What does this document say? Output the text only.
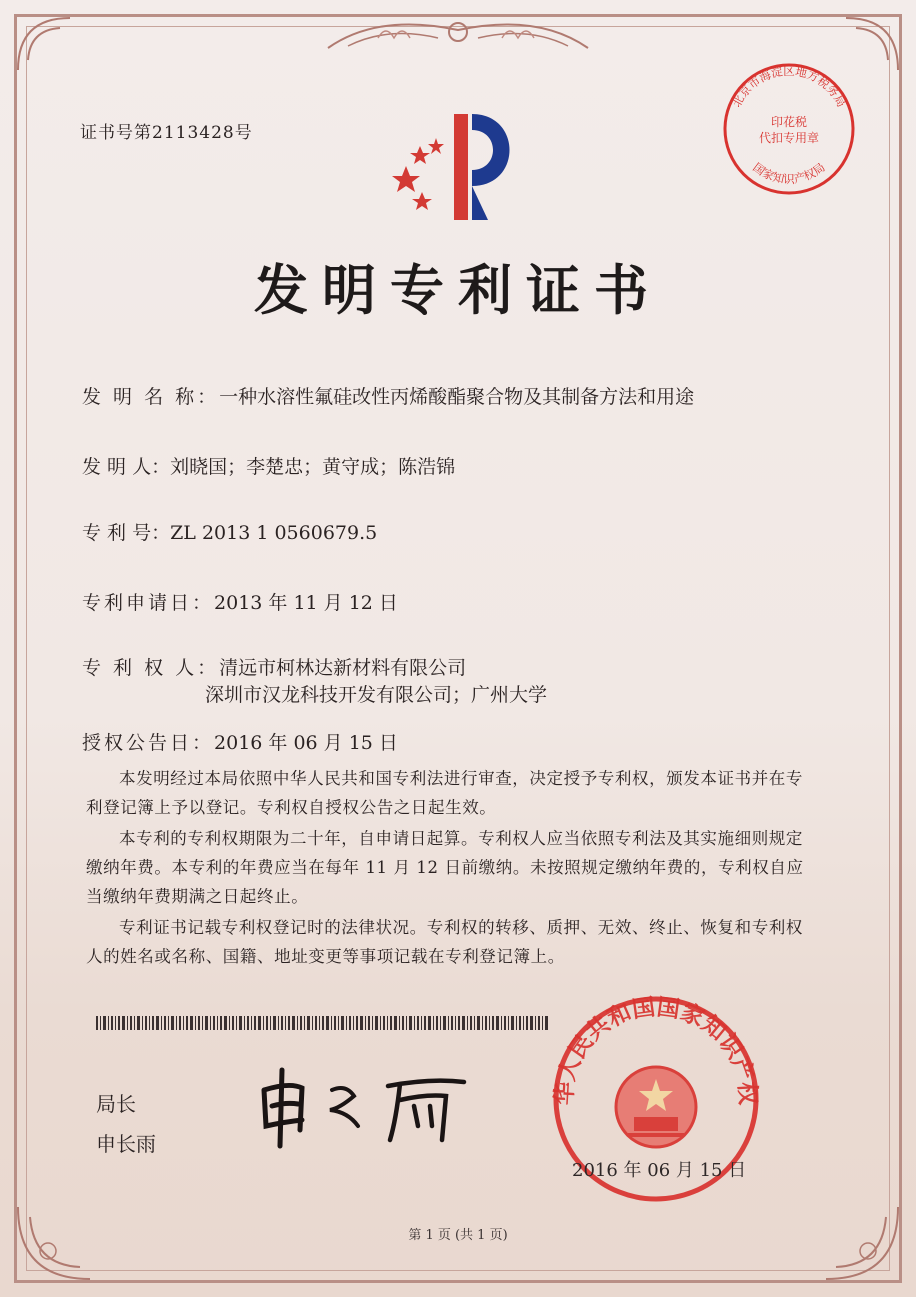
证书号第2113428号
发明专利证书
发 明 名 称：一种水溶性氟硅改性丙烯酸酯聚合物及其制备方法和用途
发 明 人：刘晓国；李楚忠；黄守成；陈浩锦
专 利 号：ZL 2013 1 0560679.5
专利申请日：2013 年 11 月 12 日
专 利 权 人：清远市柯林达新材料有限公司
深圳市汉龙科技开发有限公司；广州大学
授权公告日：2016 年 06 月 15 日

本发明经过本局依照中华人民共和国专利法进行审查，决定授予专利权，颁发本证书并在专利登记簿上予以登记。专利权自授权公告之日起生效。

本专利的专利权期限为二十年，自申请日起算。专利权人应当依照专利法及其实施细则规定缴纳年费。本专利的年费应当在每年 11 月 12 日前缴纳。未按照规定缴纳年费的，专利权自应当缴纳年费期满之日起终止。

专利证书记载专利权登记时的法律状况。专利权的转移、质押、无效、终止、恢复和专利权人的姓名或名称、国籍、地址变更等事项记载在专利登记簿上。

局长
申长雨
华人民共和国国家知识产权
北京市海淀区地方税务局
印花税
代扣专用章
国家知识产权局
2016 年 06 月 15 日
第 1 页 (共 1 页)
